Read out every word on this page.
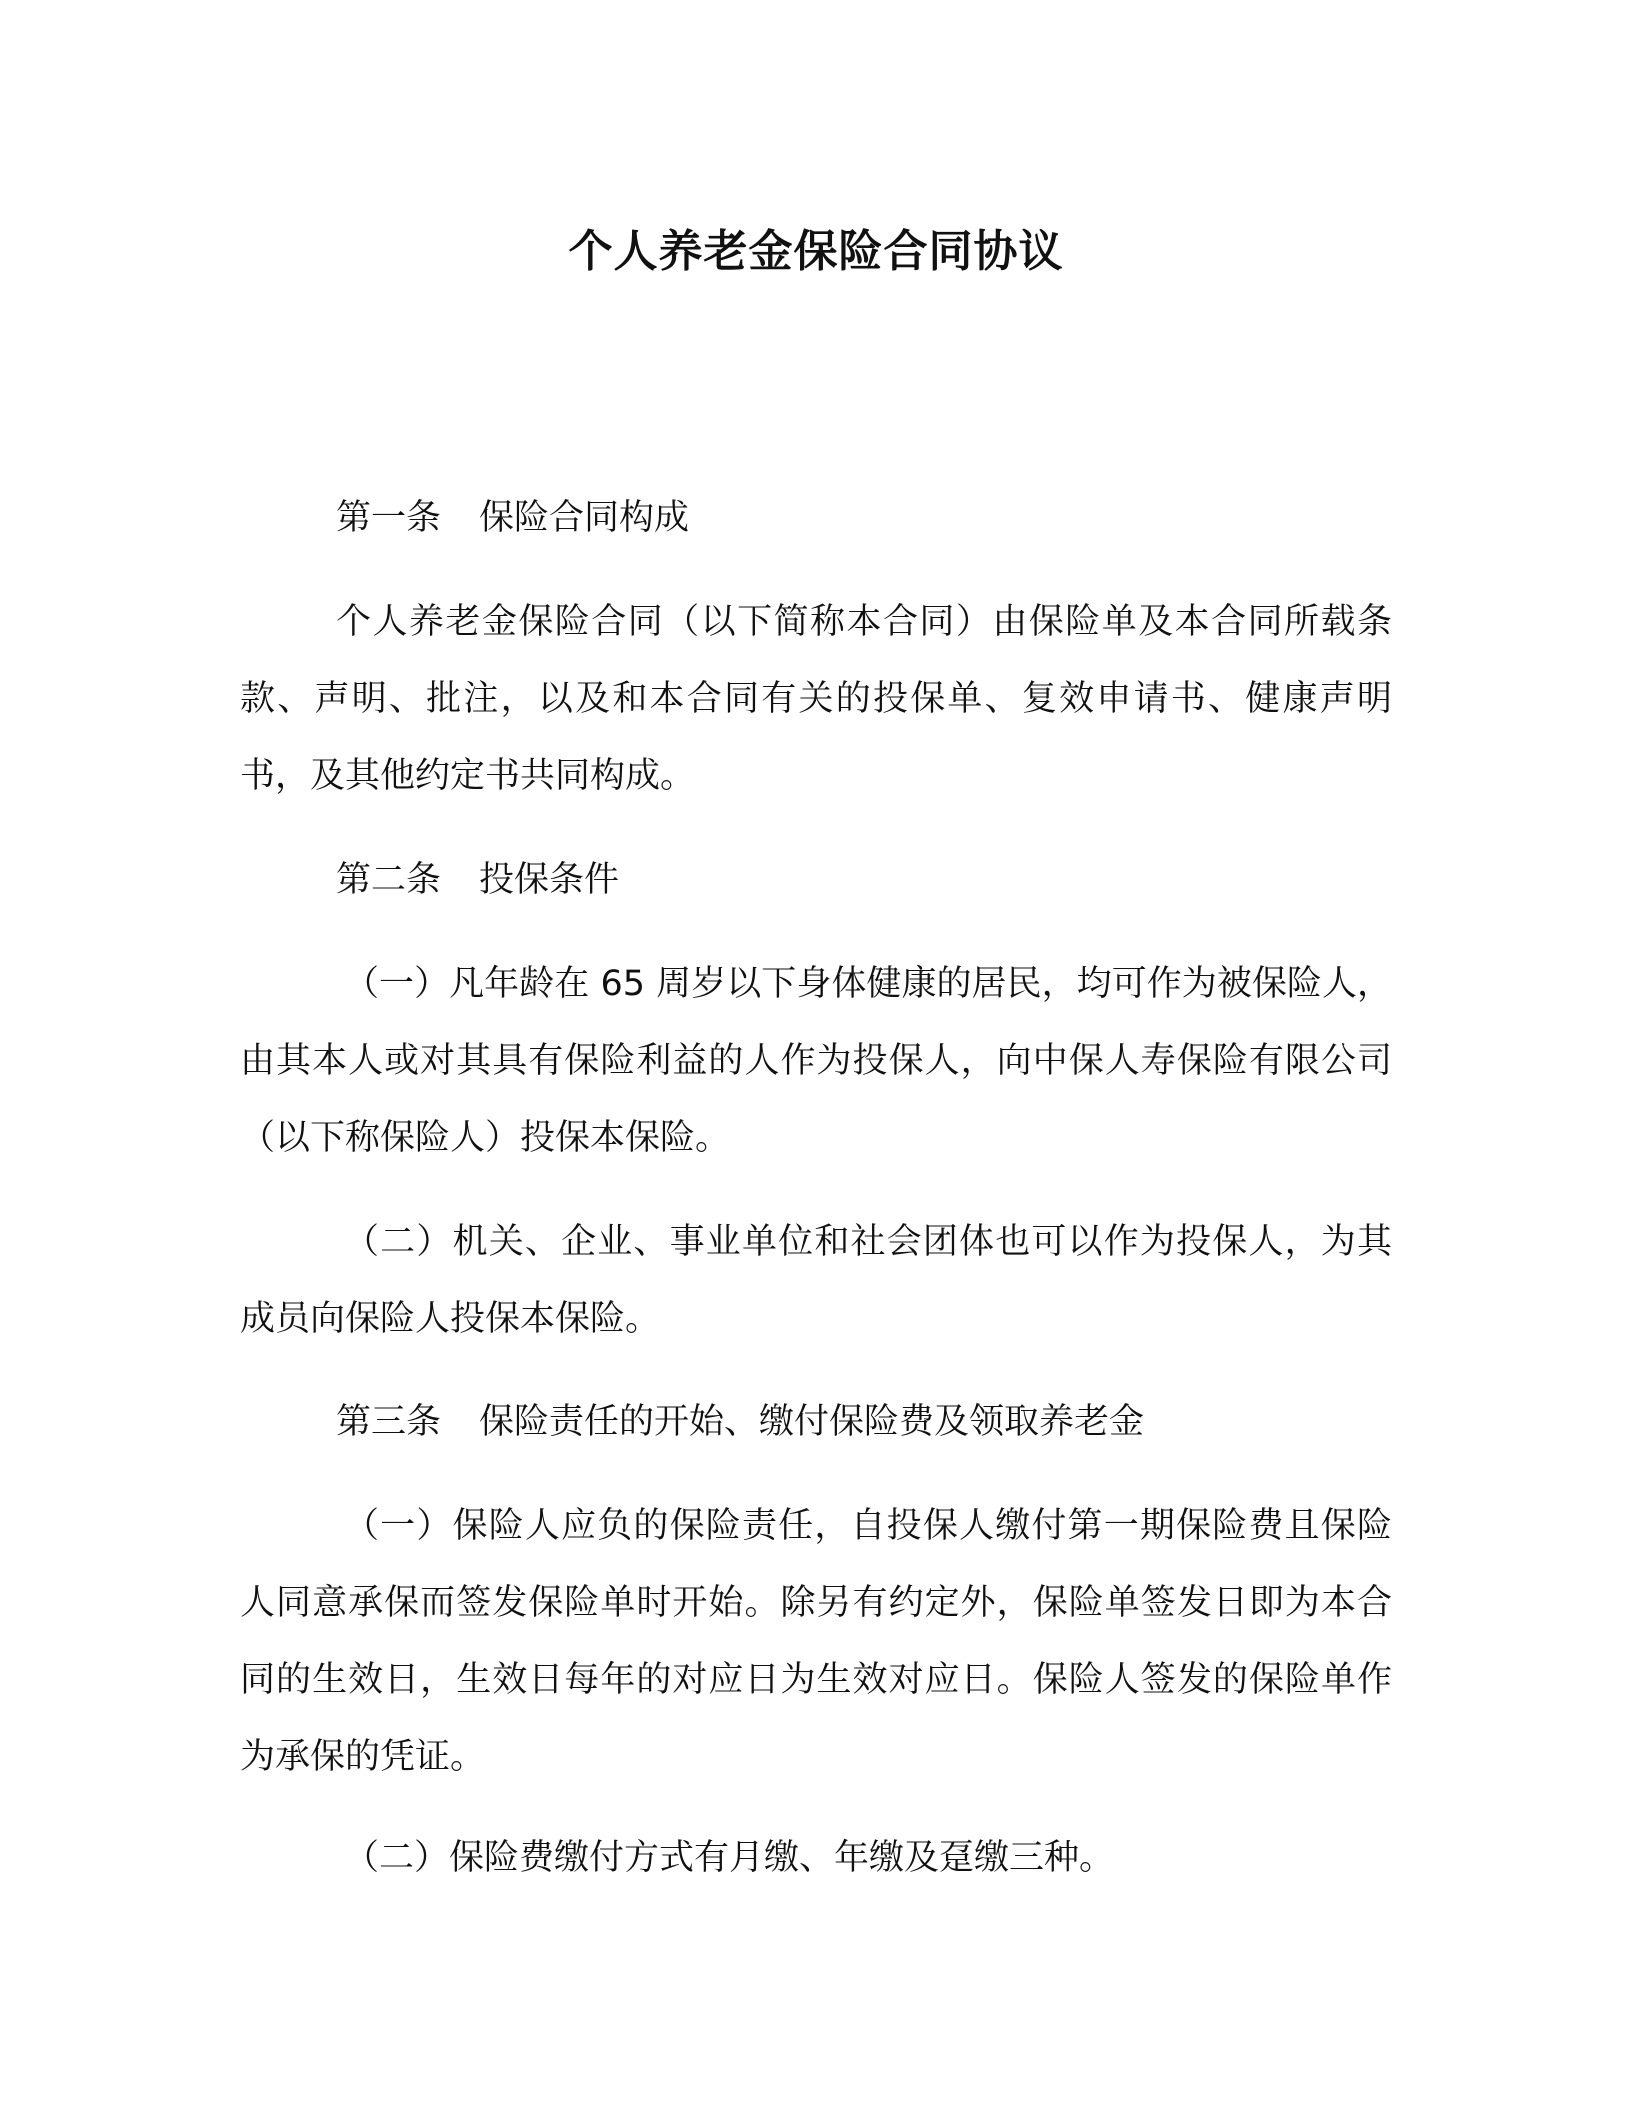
个人养老金保险合同协议

第一条 保险合同构成

个人养老金保险合同（以下简称本合同）由保险单及本合同所载条款、声明、批注，以及和本合同有关的投保单、复效申请书、健康声明书，及其他约定书共同构成。

第二条 投保条件

（一）凡年龄在 65 周岁以下身体健康的居民，均可作为被保险人，由其本人或对其具有保险利益的人作为投保人，向中保人寿保险有限公司（以下称保险人）投保本保险。

（二）机关、企业、事业单位和社会团体也可以作为投保人，为其成员向保险人投保本保险。

第三条 保险责任的开始、缴付保险费及领取养老金

（一）保险人应负的保险责任，自投保人缴付第一期保险费且保险人同意承保而签发保险单时开始。除另有约定外，保险单签发日即为本合同的生效日，生效日每年的对应日为生效对应日。保险人签发的保险单作为承保的凭证。

（二）保险费缴付方式有月缴、年缴及趸缴三种。
